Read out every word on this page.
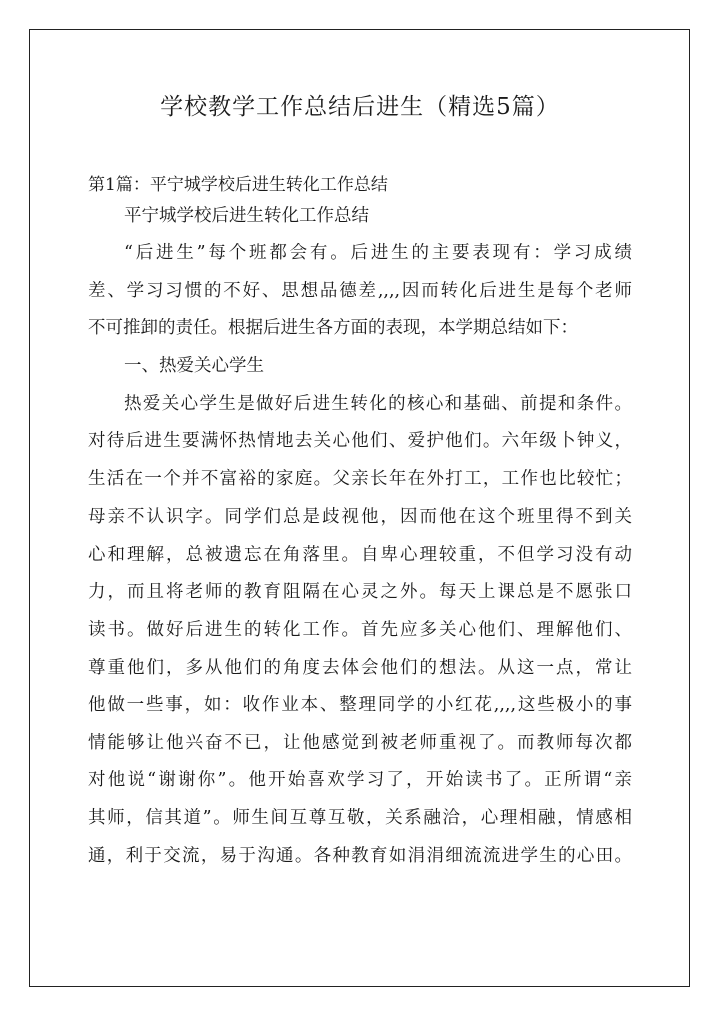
学校教学工作总结后进生（精选5篇）
第1篇：平宁城学校后进生转化工作总结
平宁城学校后进生转化工作总结
“后进生”每个班都会有。后进生的主要表现有：学习成绩
差、学习习惯的不好、思想品德差,,,,因而转化后进生是每个老师
不可推卸的责任。根据后进生各方面的表现，本学期总结如下：
一、热爱关心学生
热爱关心学生是做好后进生转化的核心和基础、前提和条件。
对待后进生要满怀热情地去关心他们、爱护他们。六年级卜钟义，
生活在一个并不富裕的家庭。父亲长年在外打工，工作也比较忙；
母亲不认识字。同学们总是歧视他，因而他在这个班里得不到关
心和理解，总被遗忘在角落里。自卑心理较重，不但学习没有动
力，而且将老师的教育阻隔在心灵之外。每天上课总是不愿张口
读书。做好后进生的转化工作。首先应多关心他们、理解他们、
尊重他们，多从他们的角度去体会他们的想法。从这一点，常让
他做一些事，如：收作业本、整理同学的小红花,,,,这些极小的事
情能够让他兴奋不已，让他感觉到被老师重视了。而教师每次都
对他说“谢谢你”。他开始喜欢学习了，开始读书了。正所谓“亲
其师，信其道”。师生间互尊互敬，关系融洽，心理相融，情感相
通，利于交流，易于沟通。各种教育如涓涓细流流进学生的心田。
